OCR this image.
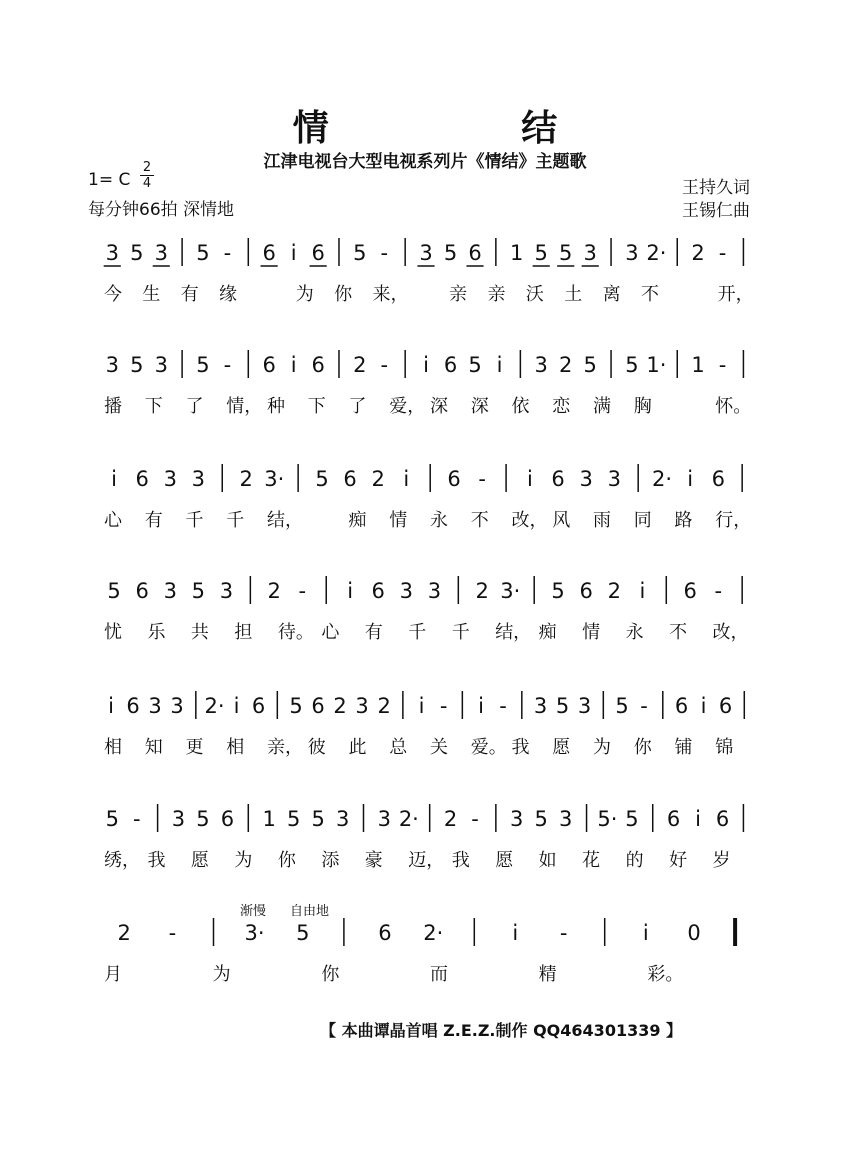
情 结
江津电视台大型电视系列片《情结》主题歌
1= C
2
4
每分钟66拍 深情地
王持久词
王锡仁曲
渐慢 自由地
3 5 3 5 - 6 i 6 5 - 3 5 6 1 5 5 3 3 2· 2 -
今 生 有 缘	为 你 来， 亲 亲 沃 土 离 不	开，
3 5 3 5 - 6 i 6 2 - i 6 5 i 3 2 5 5 1· 1 -
播 下 了 情， 种 下 了 爱， 深 深 依 恋 满 胸	怀。
i 6 3 3 2 3· 5 6 2 i 6 - i 6 3 3 2· i 6
心 有 千 千 结，	痴 情 永 不 改， 风 雨 同 路 行，
5 6 3 5 3 2 - i 6 3 3 2 3· 5 6 2 i 6 -
忧 乐 共 担 待。 心 有 千 千 结， 痴 情 永 不 改，
i 6 3 3 2· i 6 5 6 2 3 2 i - i - 3 5 3 5 - 6 i 6
相 知 更 相 亲， 彼 此 总 关 爱。 我 愿 为 你 铺 锦
5 - 3 5 6 1 5 5 3 3 2· 2 - 3 5 3 5· 5 6 i 6
绣， 我 愿 为 你 添 豪 迈， 我 愿 如 花 的 好 岁
2 -	3· 5	6 2·	i -	i 0
月	为	你	而	精	彩。
【 本曲谭晶首唱 Z.E.Z.制作 QQ464301339 】
